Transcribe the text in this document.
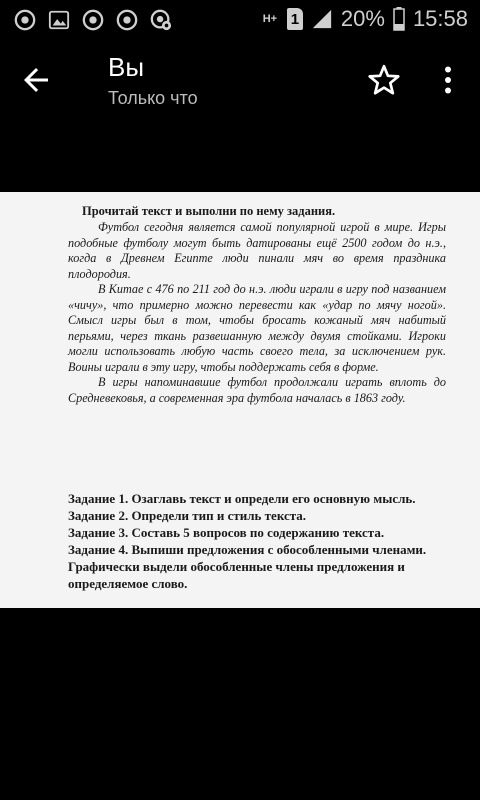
H+ 1 20% 15:58
Вы
Только что

Прочитай текст и выполни по нему задания.

Футбол сегодня является самой популярной игрой в мире. Игры подобные футболу могут быть датированы ещё 2500 годом до н.э., когда в Древнем Египте люди пинали мяч во время праздника плодородия.

В Китае с 476 по 211 год до н.э. люди играли в игру под названием «чичу», что примерно можно перевести как «удар по мячу ногой». Смысл игры был в том, чтобы бросать кожаный мяч набитый перьями, через ткань развешанную между двумя стойками. Игроки могли использовать любую часть своего тела, за исключением рук. Воины играли в эту игру, чтобы поддержать себя в форме.

В игры напоминавшие футбол продолжали играть вплоть до Средневековья, а современная эра футбола началась в 1863 году.

Задание 1. Озаглавь текст и определи его основную мысль.

Задание 2. Определи тип и стиль текста.

Задание 3. Составь 5 вопросов по содержанию текста.

Задание 4. Выпиши предложения с обособленными членами. Графически выдели обособленные члены предложения и определяемое слово.
